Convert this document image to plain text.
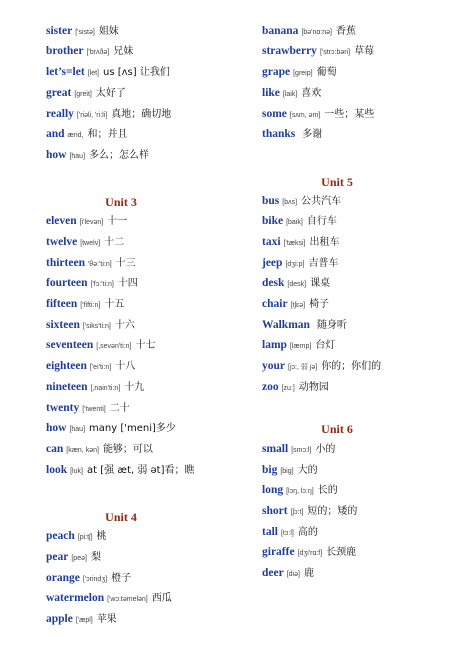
sister ['sistə] 姐妹
brother ['brʌðə] 兄妹
let’s=let [let] us [ʌs] 让我们
great [greit] 太好了
really ['riəli, 'ri:li] 真地；确切地
and ænd, 和；并且
how [hau] 多么；怎么样
Unit 3
eleven [i'levən] 十一
twelve [twelv] 十二
thirteen 'θə:'ti:n] 十三
fourteen ['fɔ:'ti:n] 十四
fifteen ['fifti:n] 十五
sixteen ['siks'ti:n] 十六
seventeen [,sevən'ti:n] 十七
eighteen ['ei'ti:n] 十八
nineteen [,nain'ti:n] 十九
twenty ['twenti] 二十
how [hau] many ['meni]多少
can [kæn, kən] 能够；可以
look [luk] at [强 æt, 弱 ət]看；瞧
Unit 4
peach [pi:tʃ] 桃
pear [peə] 梨
orange ['ɔrindʒ] 橙子
watermelon ['wɔ:təmelən] 西瓜
apple ['æpl] 苹果
banana [bə'nɑ:nə] 香蕉
strawberry ['strɔ:bəri] 草莓
grape [greip] 葡萄
like [laik] 喜欢
some [sʌm, əm] 一些；某些
thanks 多谢
Unit 5
bus [bʌs] 公共汽车
bike [baik] 自行车
taxi ['tæksi] 出租车
jeep [dʒi:p] 吉普车
desk [desk] 课桌
chair [tʃɛə] 椅子
Walkman 随身听
lamp [læmp] 台灯
your [jɔ:, 弱 jə] 你的；你们的
zoo [zu:] 动物园
Unit 6
small [smɔ:l] 小的
big [big] 大的
long [lɔŋ, lɔ:ŋ] 长的
short [ʃɔ:t] 短的；矮的
tall [tɔ:l] 高的
giraffe [dʒi'rɑ:f] 长颈鹿
deer [diə] 鹿
